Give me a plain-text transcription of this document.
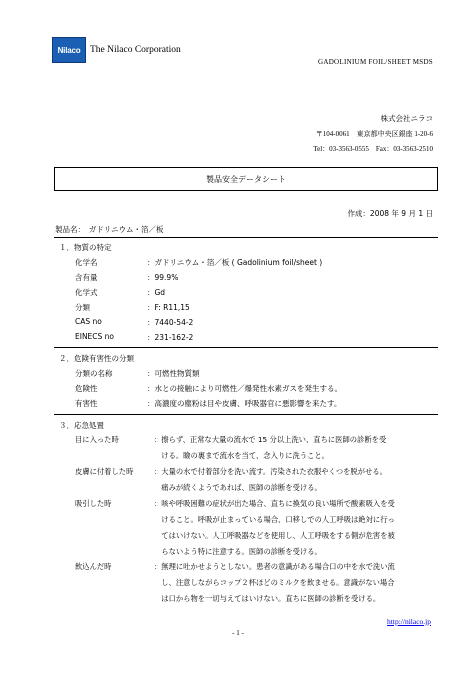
Nilaco	The Nilaco Corporation
GADOLINIUM FOIL/SHEET MSDS
株式会社ニラコ
〒104-0061　東京都中央区銀座 1-20-6
Tel：03-3563-0555　Fax：03-3563-2510
製品安全データシート
作成：2008 年 9 月 1 日
製品名：　ガドリニウム・箔／板
１．物質の特定
化学名	：ガドリニウム・箔／板 ( Gadolinium foil/sheet )
含有量	：99.9%
化学式	：Gd
分類	：F: R11,15
CAS no	：7440-54-2
EINECS no	：231-162-2
２．危険有害性の分類
分類の名称	：可燃性物質類
危険性	：水との接触により可燃性／爆発性水素ガスを発生する。
有害性	：高濃度の塵粉は目や皮膚、呼吸器官に悪影響を来たす。
３．応急処置
目に入った時	：擦らず、正常な大量の流水で 15 分以上洗い、直ちに医師の診断を受
　ける。瞼の裏まで流水を当て、念入りに洗うこと。
皮膚に付着した時	：大量の水で付着部分を洗い流す。汚染された衣服やくつを脱がせる。
　痛みが続くようであれば、医師の診断を受ける。
吸引した時	：咳や呼吸困難の症状が出た場合、直ちに換気の良い場所で酸素吸入を受
　けること。呼吸が止まっている場合、口移しでの人工呼吸は絶対に行っ
　てはいけない。人工呼吸器などを使用し、人工呼吸をする側が危害を被
　らないよう特に注意する。医師の診断を受ける。
飲込んだ時	：無理に吐かせようとしない。患者の意識がある場合口の中を水で洗い流
　し、注意しながらコップ２杯ほどのミルクを飲ませる。意識がない場合
　は口から物を一切与えてはいけない。直ちに医師の診断を受ける。
http://nilaco.jp
- 1 -
